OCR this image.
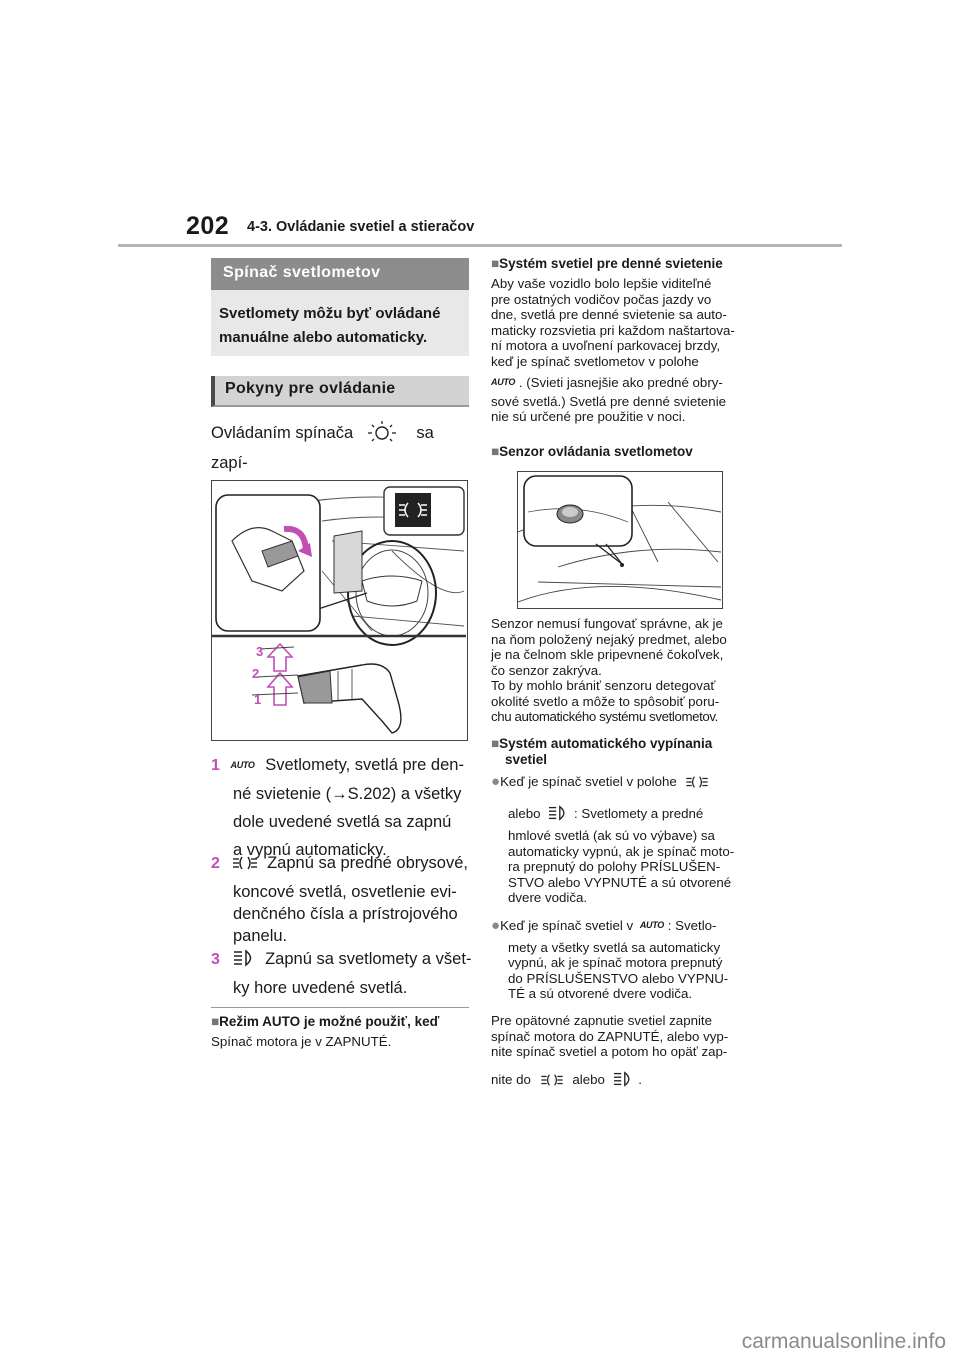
202 4-3. Ovládanie svetiel a stieračov
Spínač svetlometov
Svetlomety môžu byť ovládané manuálne alebo automaticky.
Pokyny pre ovládanie
Ovládaním spínača	sa zapí-
3
2
1
1 AUTO Svetlomety, svetlá pre den-
né svietenie (→S.202) a všetky
dole uvedené svetlá sa zapnú
a vypnú automaticky.
2	Zapnú sa predné obrysové,
koncové svetlá, osvetlenie evi-
denčného čísla a prístrojového
panelu.
3	Zapnú sa svetlomety a všet-
ky hore uvedené svetlá.
■Režim AUTO je možné použiť, keď
Spínač motora je v ZAPNUTÉ.
■Systém svetiel pre denné svietenie
Aby vaše vozidlo bolo lepšie viditeľné
pre ostatných vodičov počas jazdy vo
dne, svetlá pre denné svietenie sa auto-
maticky rozsvietia pri každom naštartova-
ní motora a uvoľnení parkovacej brzdy,
keď je spínač svetlometov v polohe
AUTO . (Svieti jasnejšie ako predné obry-
sové svetlá.) Svetlá pre denné svietenie
nie sú určené pre použitie v noci.
■Senzor ovládania svetlometov
Senzor nemusí fungovať správne, ak je
na ňom položený nejaký predmet, alebo
je na čelnom skle pripevnené čokoľvek,
čo senzor zakrýva.
To by mohlo brániť senzoru detegovať
okolité svetlo a môže to spôsobiť poru-
chu automatického systému svetlometov.
■Systém automatického vypínania
svetiel
●Keď je spínač svetiel v polohe
alebo	: Svetlomety a predné
hmlové svetlá (ak sú vo výbave) sa
automaticky vypnú, ak je spínač moto-
ra prepnutý do polohy PRÍSLUŠEN-
STVO alebo VYPNUTÉ a sú otvorené
dvere vodiča.
●Keď je spínač svetiel v AUTO : Svetlo-
mety a všetky svetlá sa automaticky
vypnú, ak je spínač motora prepnutý
do PRÍSLUŠENSTVO alebo VYPNU-
TÉ a sú otvorené dvere vodiča.
Pre opätovné zapnutie svetiel zapnite
spínač motora do ZAPNUTÉ, alebo vyp-
nite spínač svetiel a potom ho opäť zap-
nite do	alebo	.
carmanualsonline.info
